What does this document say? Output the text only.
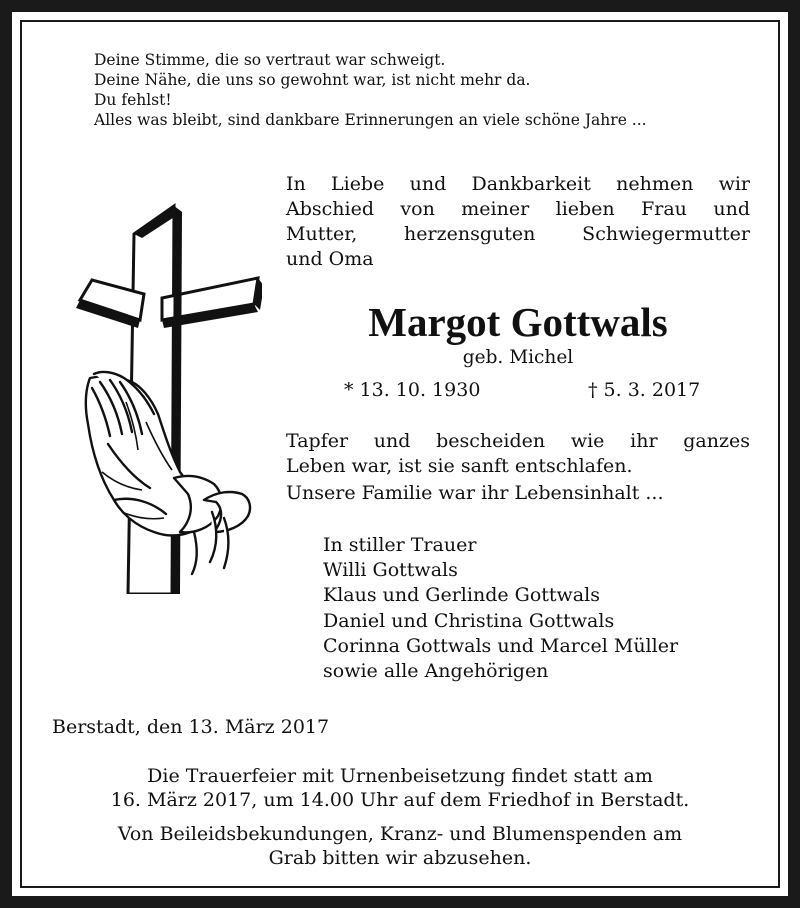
Deine Stimme, die so vertraut war schweigt.
Deine Nähe, die uns so gewohnt war, ist nicht mehr da.
Du fehlst!
Alles was bleibt, sind dankbare Erinnerungen an viele schöne Jahre ...
In Liebe und Dankbarkeit nehmen wir
Abschied von meiner lieben Frau und
Mutter, herzensguten Schwiegermutter
und Oma
Margot Gottwals
geb. Michel
* 13. 10. 1930	† 5. 3. 2017
Tapfer und bescheiden wie ihr ganzes
Leben war, ist sie sanft entschlafen.
Unsere Familie war ihr Lebensinhalt ...
In stiller Trauer
Willi Gottwals
Klaus und Gerlinde Gottwals
Daniel und Christina Gottwals
Corinna Gottwals und Marcel Müller
sowie alle Angehörigen
Berstadt, den 13. März 2017
Die Trauerfeier mit Urnenbeisetzung findet statt am
16. März 2017, um 14.00 Uhr auf dem Friedhof in Berstadt.
Von Beileidsbekundungen, Kranz- und Blumenspenden am
Grab bitten wir abzusehen.
